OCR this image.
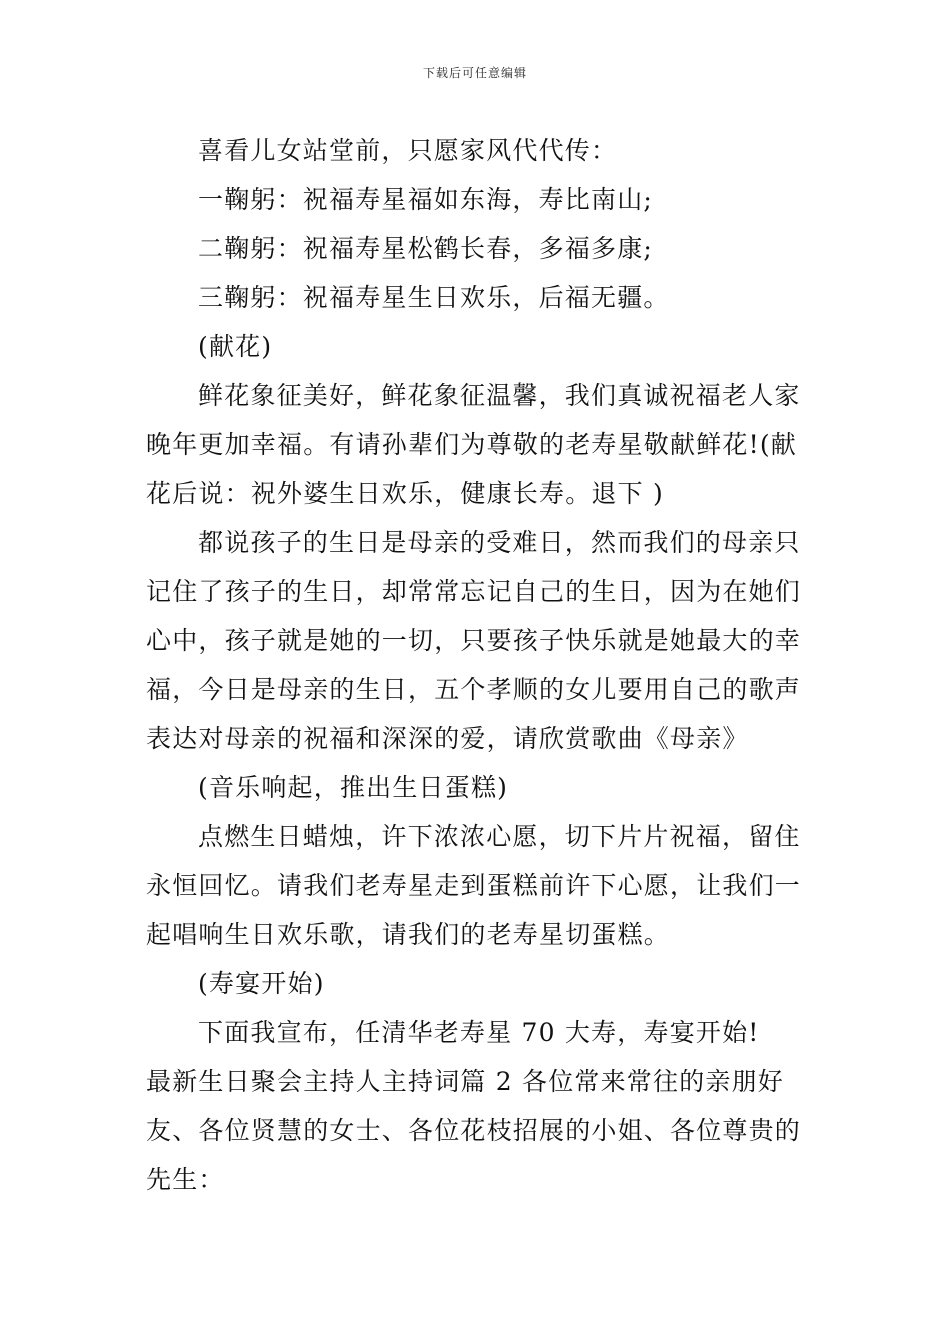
下载后可任意编辑
喜看儿女站堂前，只愿家风代代传：
一鞠躬：祝福寿星福如东海，寿比南山;
二鞠躬：祝福寿星松鹤长春，多福多康;
三鞠躬：祝福寿星生日欢乐，后福无疆。
(献花)
鲜花象征美好，鲜花象征温馨，我们真诚祝福老人家
晚年更加幸福。有请孙辈们为尊敬的老寿星敬献鲜花!(献
花后说：祝外婆生日欢乐，健康长寿。退下 )
都说孩子的生日是母亲的受难日，然而我们的母亲只
记住了孩子的生日，却常常忘记自己的生日，因为在她们
心中，孩子就是她的一切，只要孩子快乐就是她最大的幸
福，今日是母亲的生日，五个孝顺的女儿要用自己的歌声
表达对母亲的祝福和深深的爱，请欣赏歌曲《母亲》
(音乐响起，推出生日蛋糕)
点燃生日蜡烛，许下浓浓心愿，切下片片祝福，留住
永恒回忆。请我们老寿星走到蛋糕前许下心愿，让我们一
起唱响生日欢乐歌，请我们的老寿星切蛋糕。
(寿宴开始)
下面我宣布，任清华老寿星 70 大寿，寿宴开始!
最新生日聚会主持人主持词篇 2 各位常来常往的亲朋好
友、各位贤慧的女士、各位花枝招展的小姐、各位尊贵的
先生：
